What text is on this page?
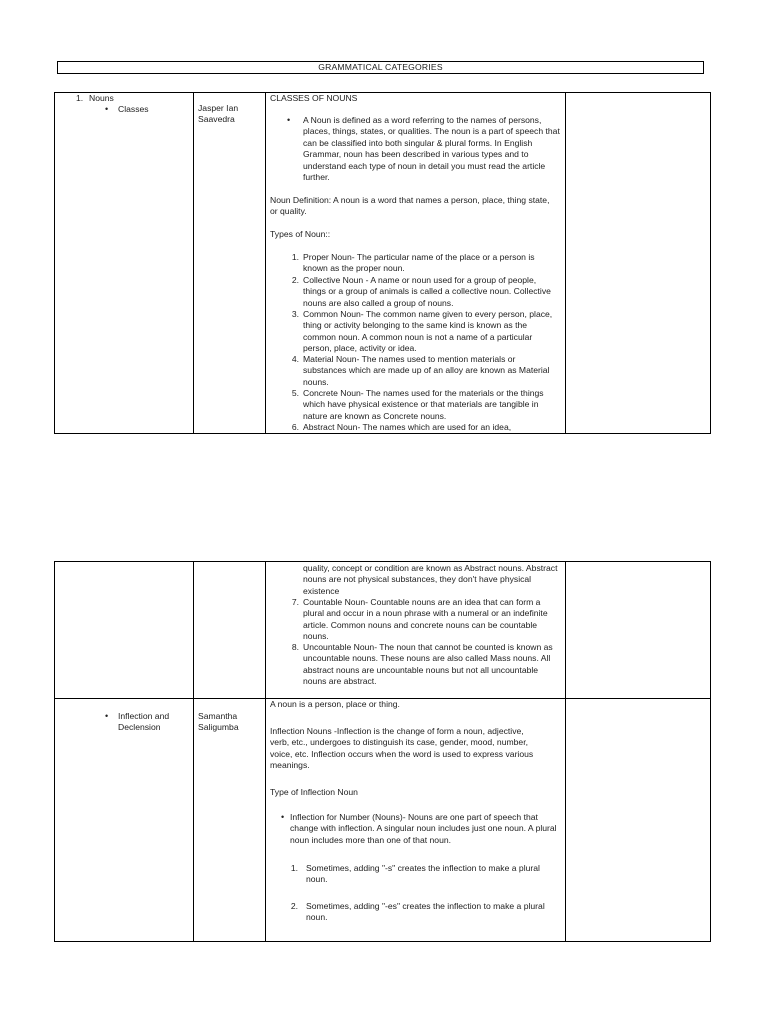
GRAMMATICAL CATEGORIES
1. Nouns
• Classes	Jasper Ian Saavedra
CLASSES OF NOUNS
• A Noun is defined as a word referring to the names of persons, places, things, states, or qualities. The noun is a part of speech that can be classified into both singular & plural forms. In English Grammar, noun has been described in various types and to understand each type of noun in detail you must read the article further.
Noun Definition: A noun is a word that names a person, place, thing state, or quality.
Types of Noun::
1. Proper Noun- The particular name of the place or a person is known as the proper noun.
2. Collective Noun - A name or noun used for a group of people, things or a group of animals is called a collective noun. Collective nouns are also called a group of nouns.
3. Common Noun- The common name given to every person, place, thing or activity belonging to the same kind is known as the common noun. A common noun is not a name of a particular person, place, activity or idea.
4. Material Noun- The names used to mention materials or substances which are made up of an alloy are known as Material nouns.
5. Concrete Noun- The names used for the materials or the things which have physical existence or that materials are tangible in nature are known as Concrete nouns.
6. Abstract Noun- The names which are used for an idea,
quality, concept or condition are known as Abstract nouns. Abstract nouns are not physical substances, they don't have physical existence
7. Countable Noun- Countable nouns are an idea that can form a plural and occur in a noun phrase with a numeral or an indefinite article. Common nouns and concrete nouns can be countable nouns.
8. Uncountable Noun- The noun that cannot be counted is known as uncountable nouns. These nouns are also called Mass nouns. All abstract nouns are uncountable nouns but not all uncountable nouns are abstract.
• Inflection and Declension
Samantha Saligumba
A noun is a person, place or thing.
Inflection Nouns -Inflection is the change of form a noun, adjective, verb, etc., undergoes to distinguish its case, gender, mood, number, voice, etc. Inflection occurs when the word is used to express various meanings.
Type of Inflection Noun
• Inflection for Number (Nouns)- Nouns are one part of speech that change with inflection. A singular noun includes just one noun. A plural noun includes more than one of that noun.
1. Sometimes, adding "-s" creates the inflection to make a plural noun.
Sometimes, adding "-es" creates the inflection to make a plural noun.
2.
